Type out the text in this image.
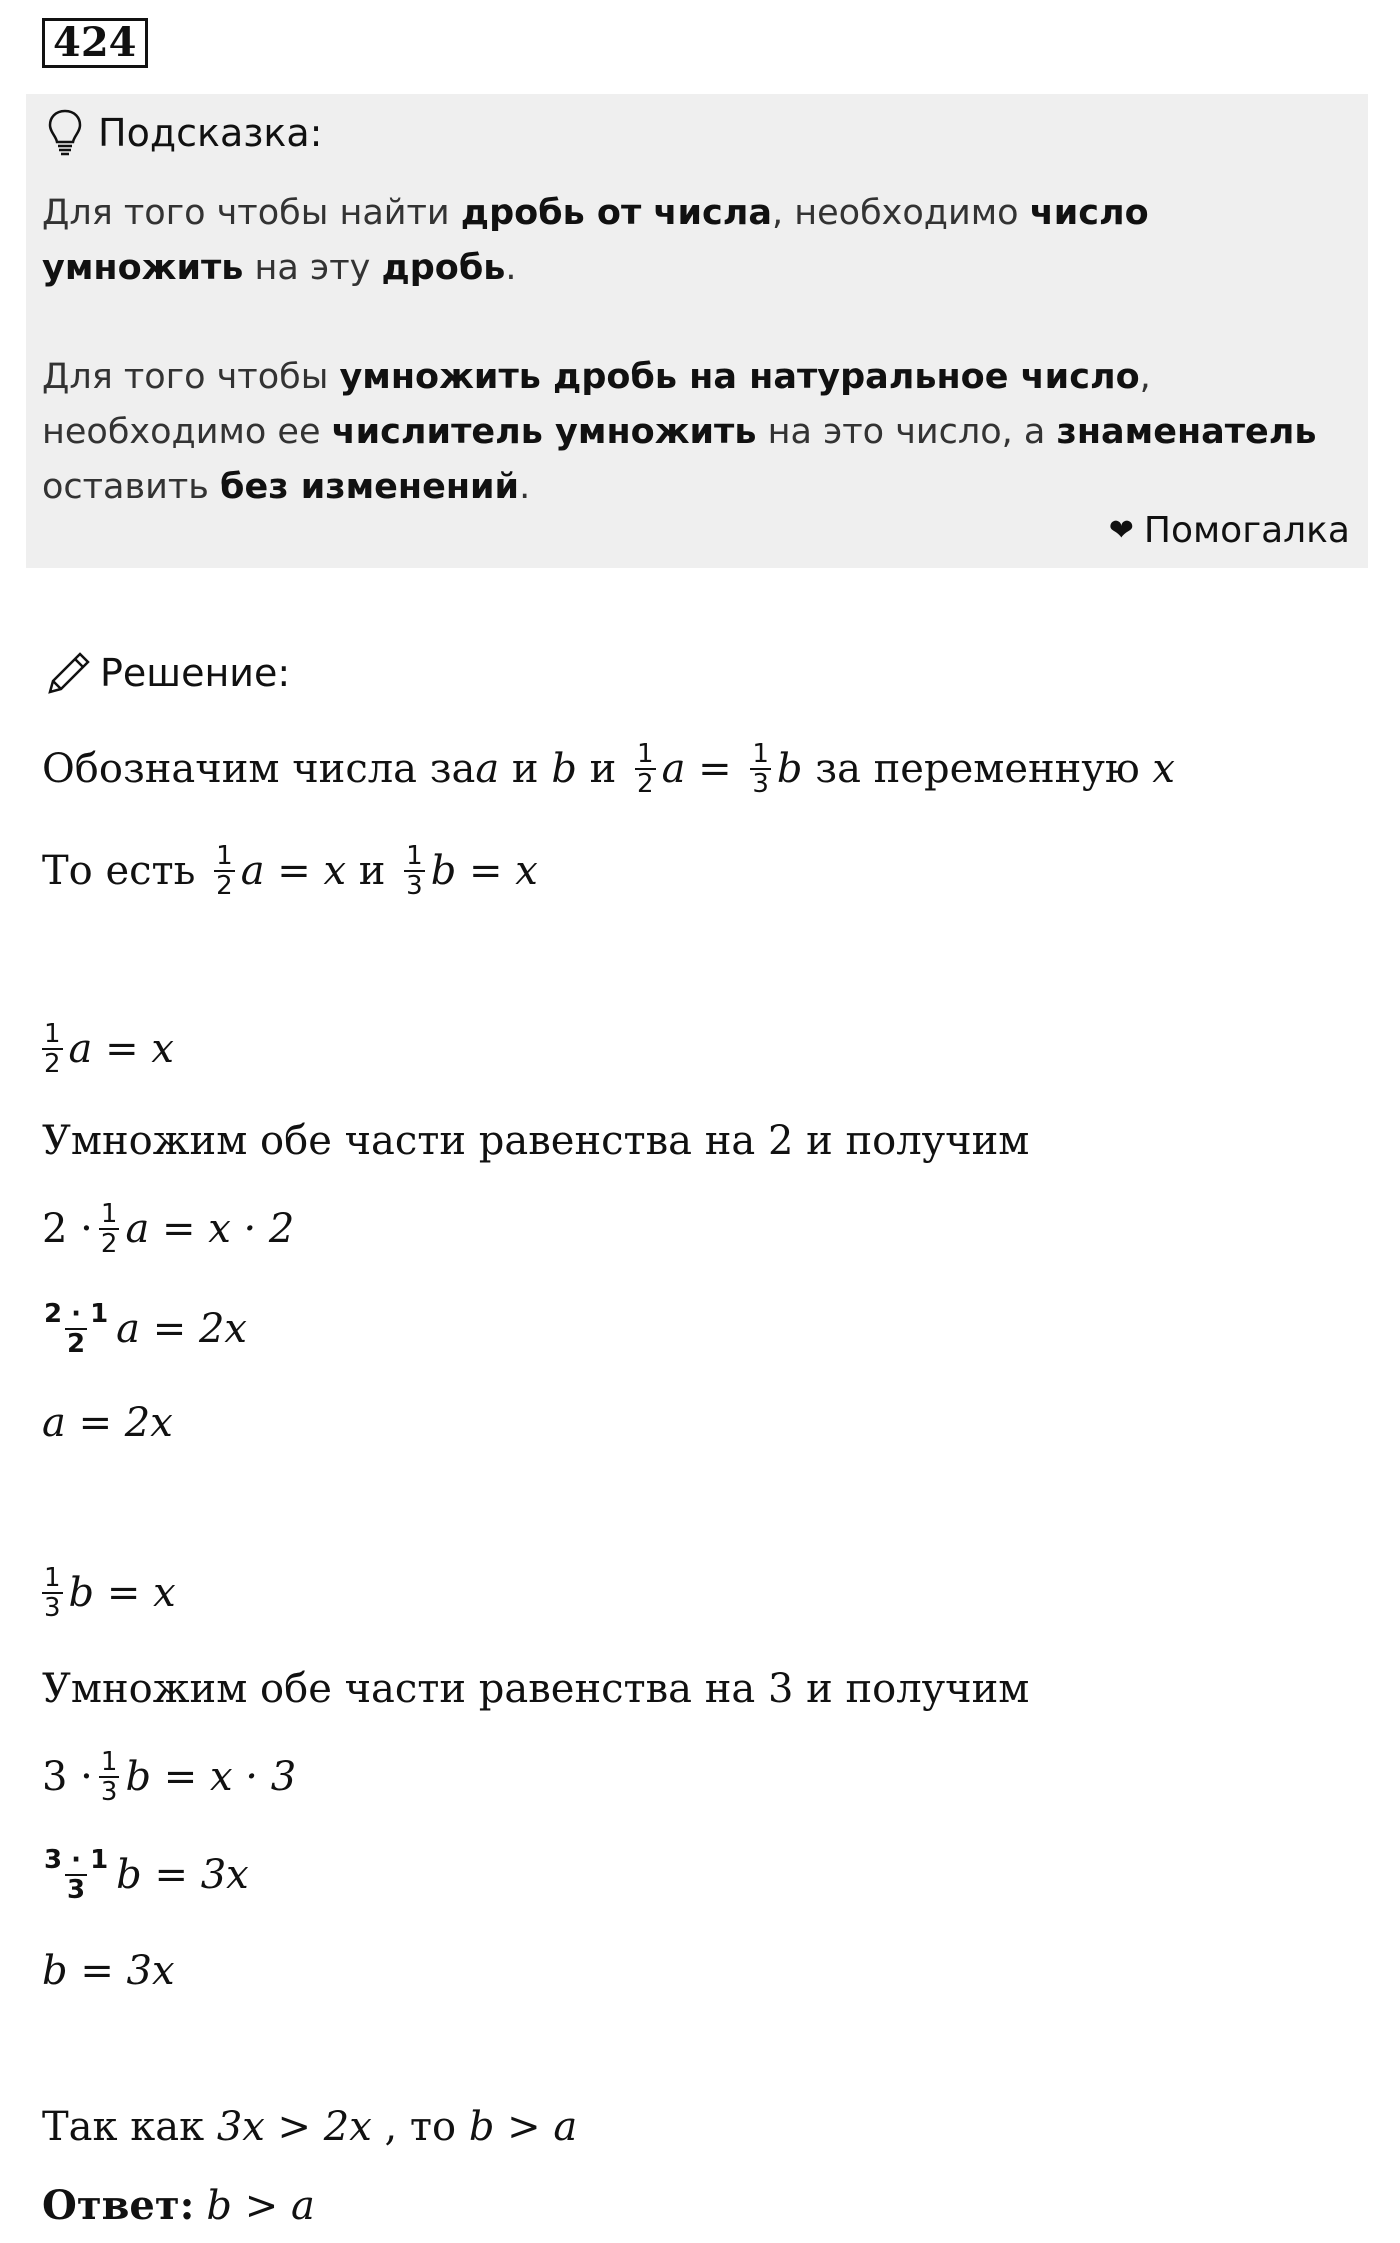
424
Подсказка:

Для того чтобы найти дробь от числа, необходимо число умножить на эту дробь.

Для того чтобы умножить дробь на натуральное число, необходимо ее числитель умножить на это число, а знаменатель оставить без изменений.

❤ Помогалка
Решение:
Обозначим числа за a и b и $\frac{1}{2}$ $a = \frac{1}{3}$ b за переменную x
То есть $\frac{1}{2}$ a = x и $\frac{1}{3}$ b = x
$\frac{1}{2}$ a = x
Умножим обе части равенства на 2 и получим
$2 \cdot \frac{1}{2}$ a = x · 2
$\frac{2 \cdot 1}{2}$ a = 2x
a = 2x
$\frac{1}{3}$ b = x
Умножим обе части равенства на 3 и получим
$3 \cdot \frac{1}{3}$ b = x · 3
$\frac{3 \cdot 1}{3}$ b = 3x
b = 3x
Так как 3x > 2x , то b > a
Ответ: b > a
